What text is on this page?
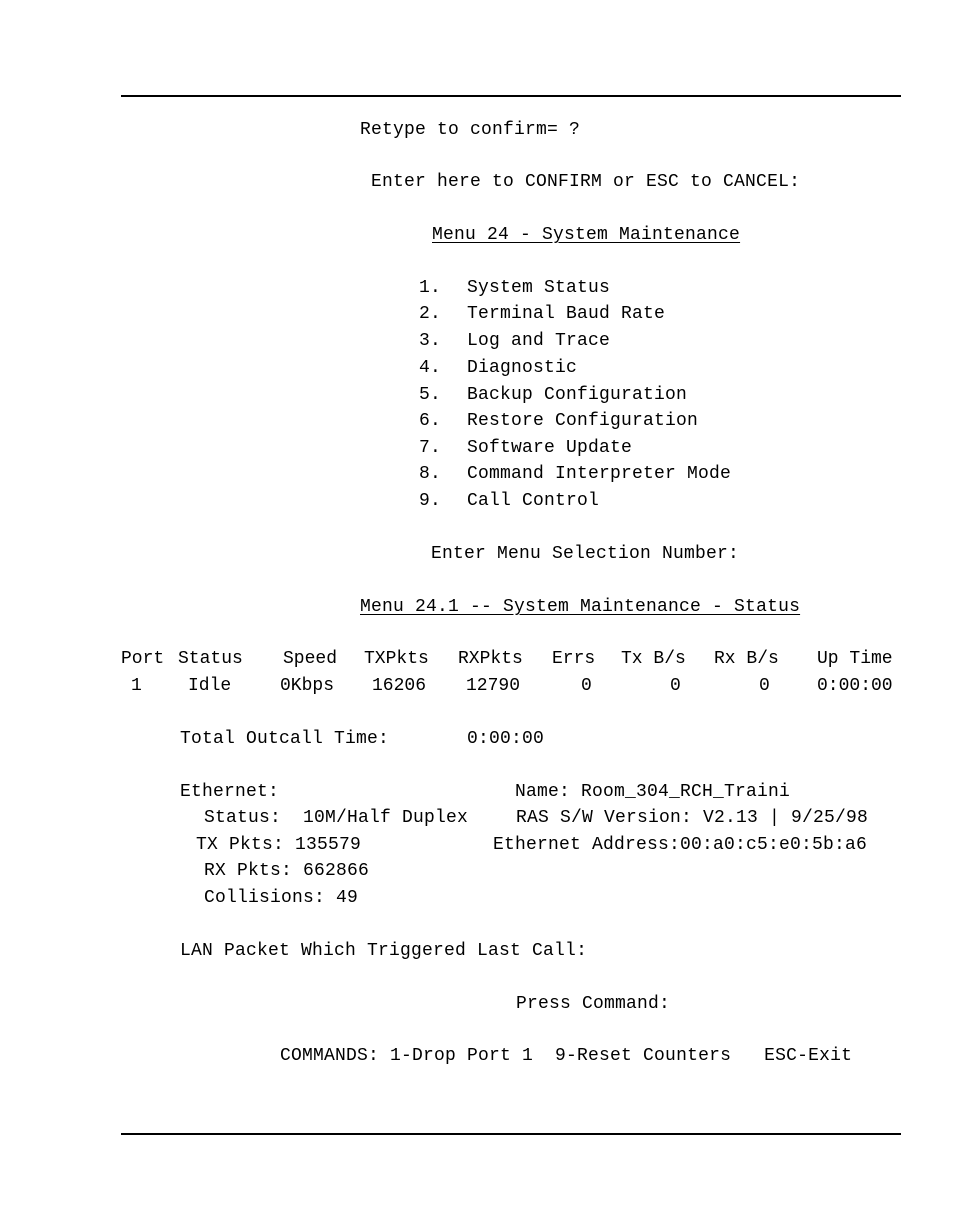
Retype to confirm= ?
Enter here to CONFIRM or ESC to CANCEL:
Menu 24 - System Maintenance
1. System Status
2. Terminal Baud Rate
3. Log and Trace
4. Diagnostic
5. Backup Configuration
6. Restore Configuration
7. Software Update
8. Command Interpreter Mode
9. Call Control
Enter Menu Selection Number:
Menu 24.1 -- System Maintenance - Status
Port Status Speed TXPkts RXPkts Errs Tx B/s Rx B/s Up Time
1	Idle	0Kbps 16206 12790	0	0	0	0:00:00
Total Outcall Time:	0:00:00
Ethernet:	Name: Room_304_RCH_Traini
Status:  10M/Half Duplex	RAS S/W Version: V2.13 | 9/25/98
TX Pkts: 135579	Ethernet Address:00:a0:c5:e0:5b:a6
RX Pkts: 662866
Collisions: 49
LAN Packet Which Triggered Last Call:
Press Command:
COMMANDS: 1-Drop Port 1  9-Reset Counters   ESC-Exit
